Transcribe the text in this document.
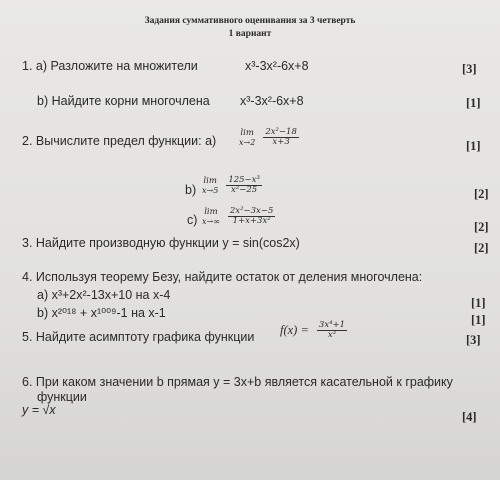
Задания суммативного оценивания за 3 четверть
1 вариант
1. а) Разложите на множители	x³-3x²-6x+8	[3]
b) Найдите корни многочлена x³-3x²-6x+8	[1]
2. Вычислите предел функции: а)
lim
x→2
$\frac{\text{2x²−18}}{x+3}$	[1]
b)
lim
x→5
$\frac{\text{125−x³}}{\text{x²−25}}$	[2]
c)
lim
x→∞
$\frac{\text{2x²−3x−5}}{\text{1+x+3x²}}$
[2]
3. Найдите производную функции y = sin(cos2x)	[2]
4. Используя теорему Безу, найдите остаток от деления многочлена:
a) x³+2x²-13x+10 на x-4
[1]
b) x²⁰¹⁸ + x¹⁰⁰⁹-1 на x-1	[1]
5. Найдите асимптоту графика функции
$f(x) = \frac{\text{3x⁴+1}}{\text{x³}}$
[3]
6. При каком значении b прямая y = 3x+b является касательной к графику
функции
y = √x	[4]
